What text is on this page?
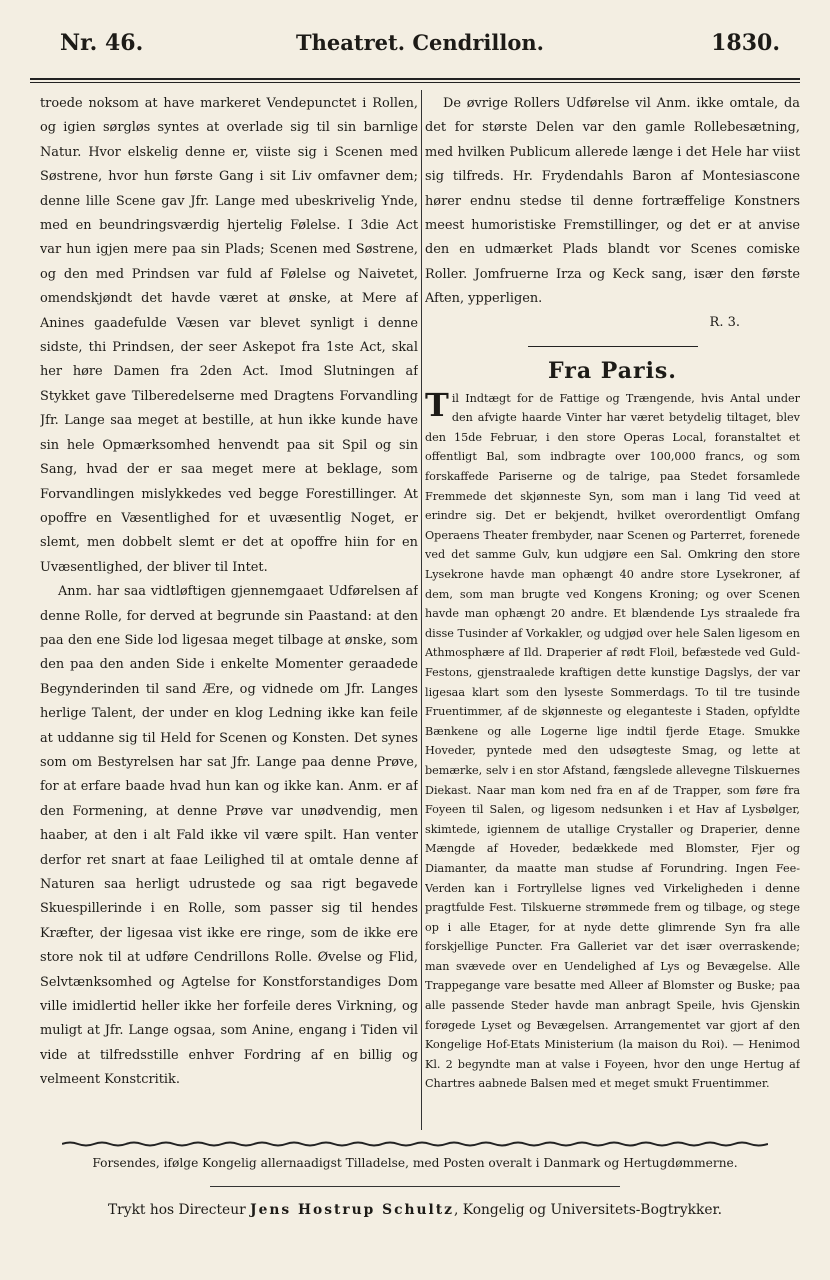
Nr. 46.	Theatret. Cendrillon.	1830.

troede noksom at have markeret Vendepunctet i Rollen, og igien sørgløs syntes at overlade sig til sin barnlige Natur. Hvor elskelig denne er, viiste sig i Scenen med Søstrene, hvor hun første Gang i sit Liv omfavner dem; denne lille Scene gav Jfr. Lange med ubeskrivelig Ynde, med en beundringsværdig hjertelig Følelse. I 3die Act var hun igjen mere paa sin Plads; Scenen med Søstrene, og den med Prindsen var fuld af Følelse og Naivetet, omendskjøndt det havde været at ønske, at Mere af Anines gaadefulde Væsen var blevet synligt i denne sidste, thi Prindsen, der seer Askepot fra 1ste Act, skal her høre Damen fra 2den Act. Imod Slutningen af Stykket gave Tilberedelserne med Dragtens Forvandling Jfr. Lange saa meget at bestille, at hun ikke kunde have sin hele Opmærksomhed henvendt paa sit Spil og sin Sang, hvad der er saa meget mere at beklage, som Forvandlingen mislykkedes ved begge Forestillinger. At opoffre en Væsentlighed for et uvæsentlig Noget, er slemt, men dobbelt slemt er det at opoffre hiin for en Uvæsentlighed, der bliver til Intet.

Anm. har saa vidtløftigen gjennemgaaet Udførelsen af denne Rolle, for derved at begrunde sin Paastand: at den paa den ene Side lod ligesaa meget tilbage at ønske, som den paa den anden Side i enkelte Momenter geraadede Begynderinden til sand Ære, og vidnede om Jfr. Langes herlige Talent, der under en klog Ledning ikke kan feile at uddanne sig til Held for Scenen og Konsten. Det synes som om Bestyrelsen har sat Jfr. Lange paa denne Prøve, for at erfare baade hvad hun kan og ikke kan. Anm. er af den Formening, at denne Prøve var unødvendig, men haaber, at den i alt Fald ikke vil være spilt. Han venter derfor ret snart at faae Leilighed til at omtale denne af Naturen saa herligt udrustede og saa rigt begavede Skuespillerinde i en Rolle, som passer sig til hendes Kræfter, der ligesaa vist ikke ere ringe, som de ikke ere store nok til at udføre Cendrillons Rolle. Øvelse og Flid, Selvtænksomhed og Agtelse for Konstforstandiges Dom ville imidlertid heller ikke her forfeile deres Virkning, og muligt at Jfr. Lange ogsaa, som Anine, engang i Tiden vil vide at tilfredsstille enhver Fordring af en billig og velmeent Konstcritik.

De øvrige Rollers Udførelse vil Anm. ikke omtale, da det for største Delen var den gamle Rollebesætning, med hvilken Publicum allerede længe i det Hele har viist sig tilfreds. Hr. Frydendahls Baron af Montesiascone hører endnu stedse til denne fortræffelige Konstners meest humoristiske Fremstillinger, og det er at anvise den en udmærket Plads blandt vor Scenes comiske Roller. Jomfruerne Irza og Keck sang, især den første Aften, ypperligen.

R. 3.
Fra Paris.
Til Indtægt for de Fattige og Trængende, hvis Antal under den afvigte haarde Vinter har været betydelig tiltaget, blev den 15de Februar, i den store Operas Local, foranstaltet et offentligt Bal, som indbragte over 100,000 francs, og som forskaffede Pariserne og de talrige, paa Stedet forsamlede Fremmede det skjønneste Syn, som man i lang Tid veed at erindre sig. Det er bekjendt, hvilket overordentligt Omfang Operaens Theater frembyder, naar Scenen og Parterret, forenede ved det samme Gulv, kun udgjøre een Sal. Omkring den store Lysekrone havde man ophængt 40 andre store Lysekroner, af dem, som man brugte ved Kongens Kroning; og over Scenen havde man ophængt 20 andre. Et blændende Lys straalede fra disse Tusinder af Vorkakler, og udgjød over hele Salen ligesom en Athmosphære af Ild. Draperier af rødt Floil, befæstede ved Guld-Festons, gjenstraalede kraftigen dette kunstige Dagslys, der var ligesaa klart som den lyseste Sommerdags. To til tre tusinde Fruentimmer, af de skjønneste og eleganteste i Staden, opfyldte Bænkene og alle Logerne lige indtil fjerde Etage. Smukke Hoveder, pyntede med den udsøgteste Smag, og lette at bemærke, selv i en stor Afstand, fængslede allevegne Tilskuernes Diekast. Naar man kom ned fra en af de Trapper, som føre fra Foyeen til Salen, og ligesom nedsunken i et Hav af Lysbølger, skimtede, igiennem de utallige Crystaller og Draperier, denne Mængde af Hoveder, bedækkede med Blomster, Fjer og Diamanter, da maatte man studse af Forundring. Ingen Fee-Verden kan i Fortryllelse lignes ved Virkeligheden i denne pragtfulde Fest. Tilskuerne strømmede frem og tilbage, og stege op i alle Etager, for at nyde dette glimrende Syn fra alle forskjellige Puncter. Fra Galleriet var det især overraskende; man svævede over en Uendelighed af Lys og Bevægelse. Alle Trappegange vare besatte med Alleer af Blomster og Buske; paa alle passende Steder havde man anbragt Speile, hvis Gjenskin forøgede Lyset og Bevægelsen. Arrangementet var gjort af den Kongelige Hof-Etats Ministerium (la maison du Roi). — Henimod Kl. 2 begyndte man at valse i Foyeen, hvor den unge Hertug af Chartres aabnede Balsen med et meget smukt Fruentimmer.
Forsendes, ifølge Kongelig allernaadigst Tilladelse, med Posten overalt i Danmark og Hertugdømmerne.
Trykt hos Directeur Jens Hostrup Schultz, Kongelig og Universitets-Bogtrykker.
